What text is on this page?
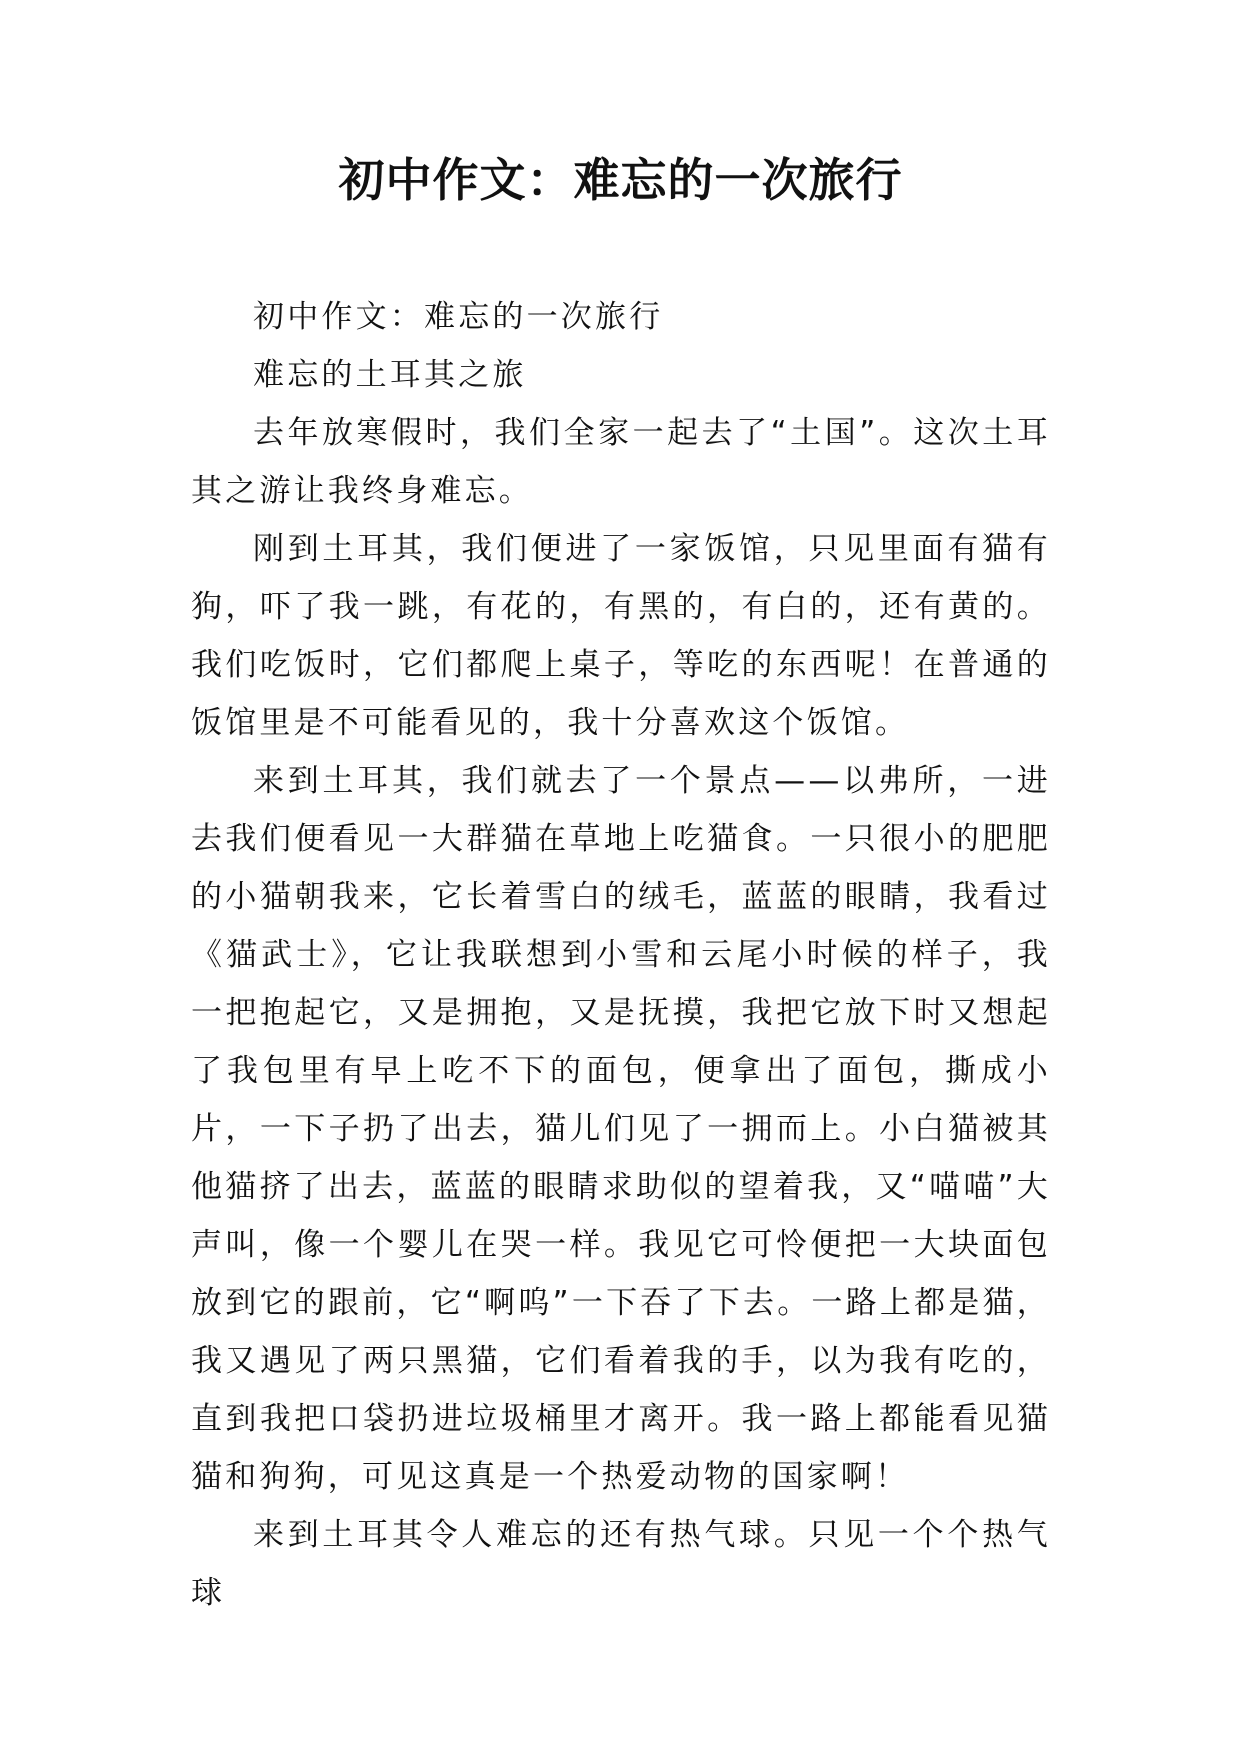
初中作文：难忘的一次旅行

初中作文：难忘的一次旅行

难忘的土耳其之旅

去年放寒假时，我们全家一起去了“土国”。这次土耳其之游让我终身难忘。

刚到土耳其，我们便进了一家饭馆，只见里面有猫有狗，吓了我一跳，有花的，有黑的，有白的，还有黄的。我们吃饭时，它们都爬上桌子，等吃的东西呢！在普通的饭馆里是不可能看见的，我十分喜欢这个饭馆。

来到土耳其，我们就去了一个景点——以弗所，一进去我们便看见一大群猫在草地上吃猫食。一只很小的肥肥的小猫朝我来，它长着雪白的绒毛，蓝蓝的眼睛，我看过《猫武士》，它让我联想到小雪和云尾小时候的样子，我一把抱起它，又是拥抱，又是抚摸，我把它放下时又想起了我包里有早上吃不下的面包，便拿出了面包，撕成小片，一下子扔了出去，猫儿们见了一拥而上。小白猫被其他猫挤了出去，蓝蓝的眼睛求助似的望着我，又“喵喵”大声叫，像一个婴儿在哭一样。我见它可怜便把一大块面包放到它的跟前，它“啊呜”一下吞了下去。一路上都是猫，我又遇见了两只黑猫，它们看着我的手，以为我有吃的，直到我把口袋扔进垃圾桶里才离开。我一路上都能看见猫猫和狗狗，可见这真是一个热爱动物的国家啊！

来到土耳其令人难忘的还有热气球。只见一个个热气球
